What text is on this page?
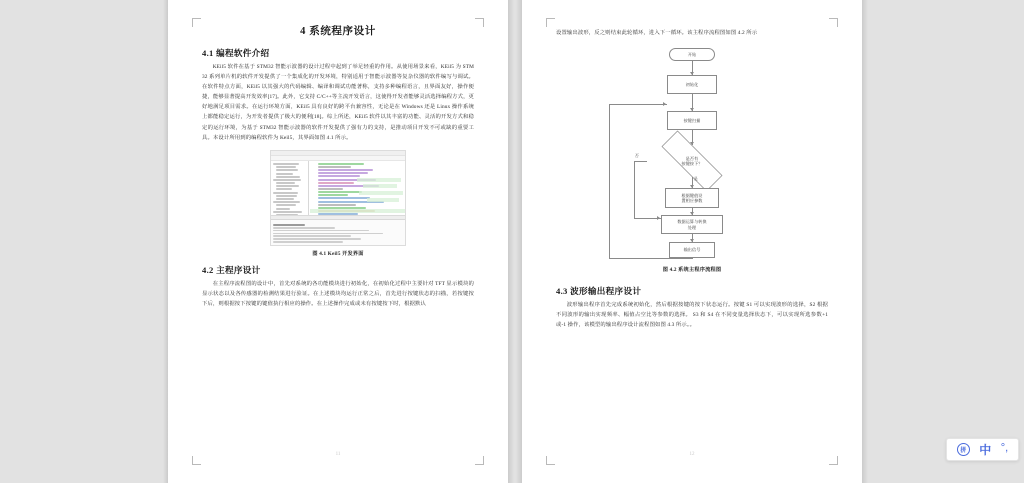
4 系统程序设计
4.1 编程软件介绍

KEil5 软件在基于 STM32 智能示波器的设计过程中起到了举足轻重的作用。从使用场景来看，KEil5 为 STM32 系列单片机的软件开发提供了一个集成化的开发环境，特别适用于智能示波器等复杂仪器的软件编写与调试。在软件特点方面，KEil5 以其强大的代码编辑、编译和调试功能著称，支持多种编程语言，且界面友好，操作便捷，能够显著提高开发效率[17]。此外，它支持 C/C++等主流开发语言，这使得开发者能够灵活选择编程方式，更好地满足项目需求。在运行环境方面，KEil5 具有良好的跨平台兼容性，无论是在 Windows 还是 Linux 操作系统上都能稳定运行，为开发者提供了极大的便利[18]。综上所述，KEil5 软件以其丰富的功能、灵活的开发方式和稳定的运行环境，为基于 STM32 智能示波器的软件开发提供了强有力的支持，是推动项目开发不可或缺的重要工具。本设计所用到的编程软件为 Keil5，其界面如图 4.1 所示。

图 4.1 Keil5 开发界面
4.2 主程序设计

在主程序流程图的设计中，首先对系统的各功能模块进行初始化，在初始化过程中主要针对 TFT 显示模块的显示状态以及各传感器的检测结果进行验证。在上述模块均运行正常之后，首先进行按键状态的扫描，若按键按下后，则根据按下按键的键值执行相应的操作。在上述操作完成或未有按键按下时，根据默认

11

设置输出波形，反之则结束此轮循环，进入下一循环。该主程序流程图如图 4.2 所示

开始
初始化
按键扫描
是否有
按键按下？
否
是
根据键值设
置相应参数
数据运算与转换
处理
输出信号
图 4.2 系统主程序流程图
4.3 波形输出程序设计

波形输出程序首先完成系统初始化，然后根据按键的按下状态运行。按键 S1 可以实现波形的选择，S2 根据不同波形的输出实现频率、幅值占空比等参数的选择。 S3 和 S4 在不同变量选择状态下，可以实现所选参数+1 或-1 操作，该模型的输出程序设计流程图如图 4.3 所示。。

12
拼 中 °,
